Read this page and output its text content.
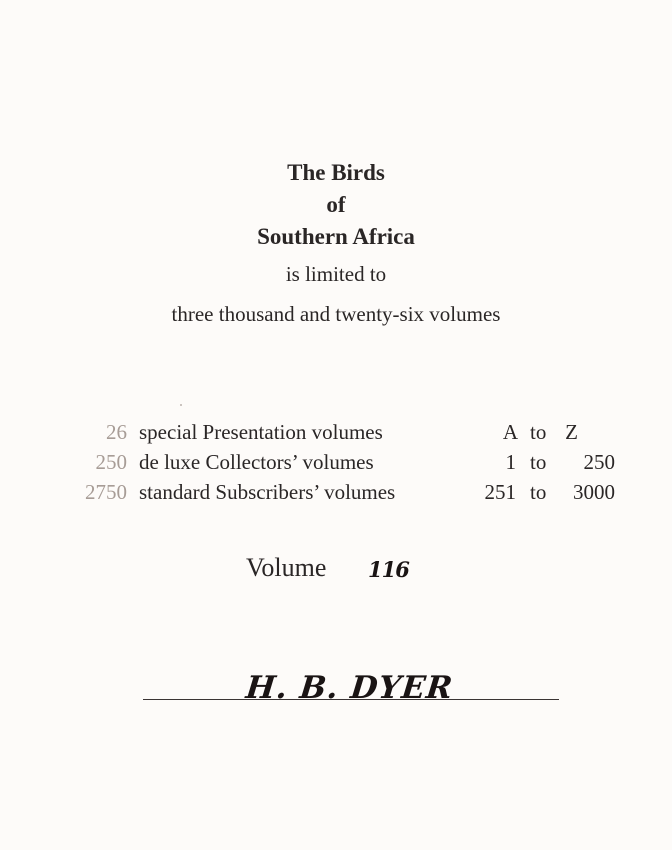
The Birds
of
Southern Africa
is limited to
three thousand and twenty-six volumes
26 special Presentation volumes	A to Z
250 de luxe Collectors’ volumes	1 to 250
2750 standard Subscribers’ volumes	251 to 3000
Volume 116
H. B. DYER
